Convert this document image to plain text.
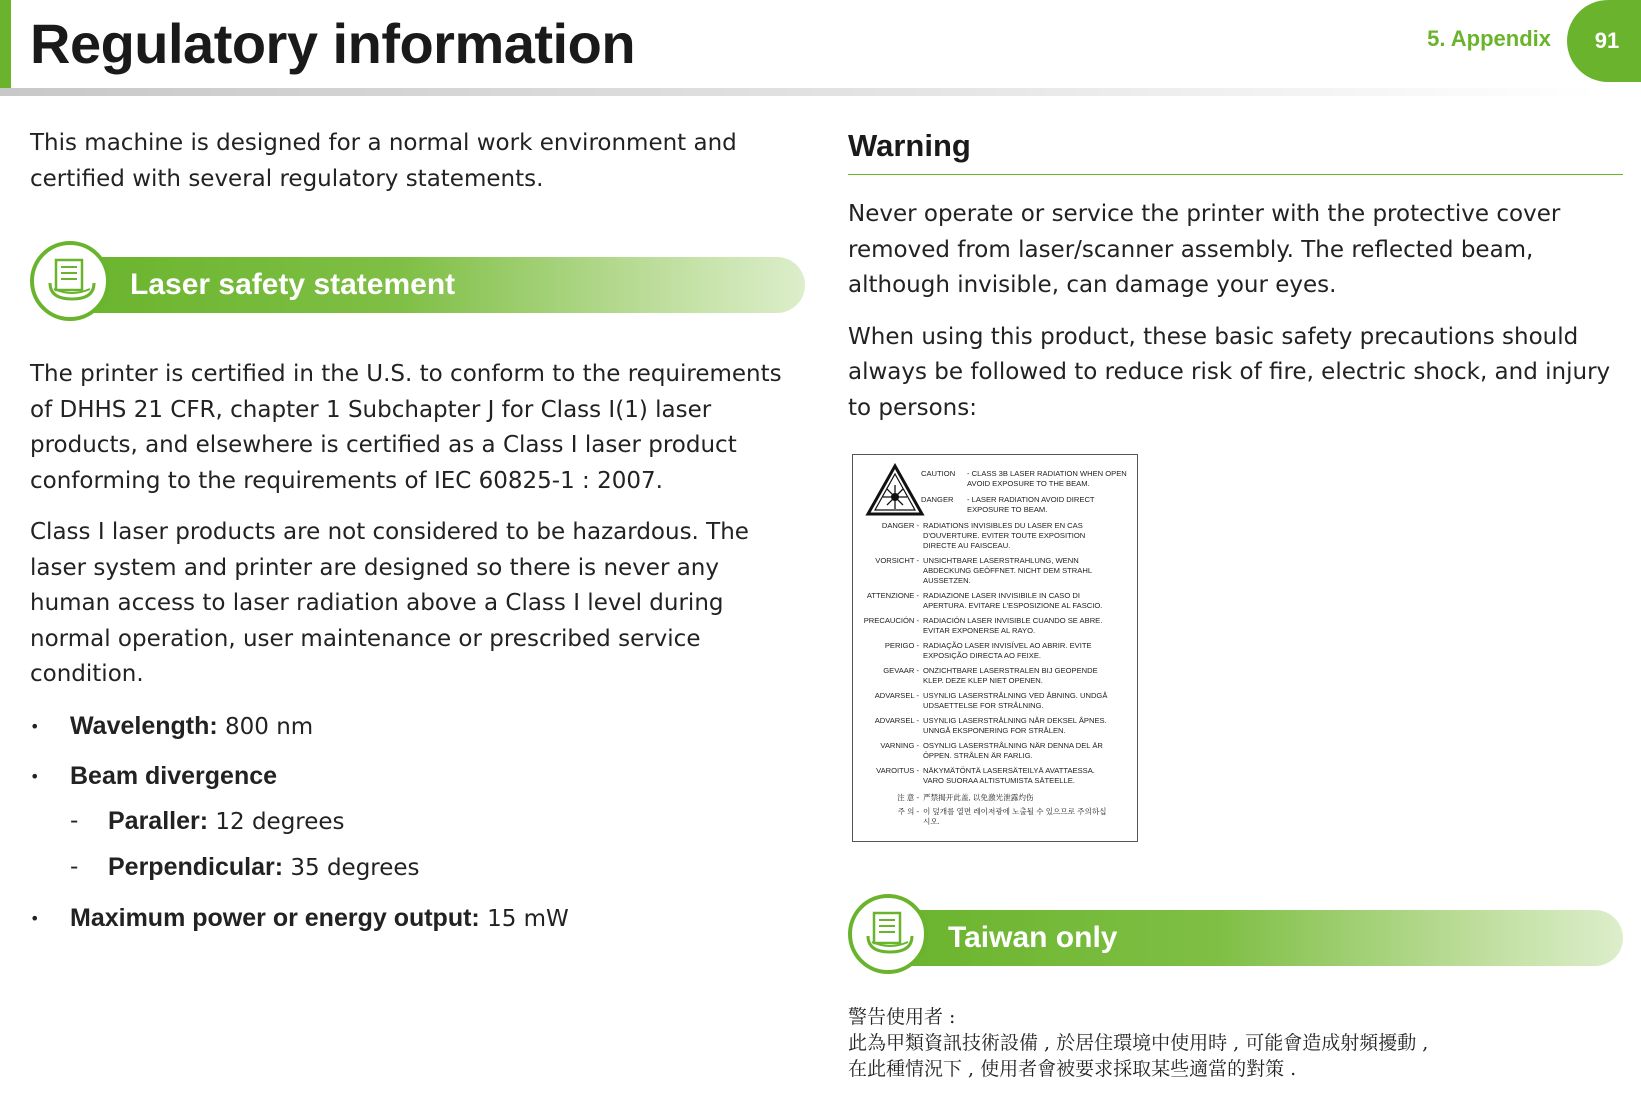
Regulatory information	5. Appendix	91

This machine is designed for a normal work environment and certified with several regulatory statements.

Laser safety statement

The printer is certified in the U.S. to conform to the requirements of DHHS 21 CFR, chapter 1 Subchapter J for Class I(1) laser products, and elsewhere is certified as a Class I laser product conforming to the requirements of IEC 60825-1 : 2007.

Class I laser products are not considered to be hazardous. The laser system and printer are designed so there is never any human access to laser radiation above a Class I level during normal operation, user maintenance or prescribed service condition.

• Wavelength: 800 nm
• Beam divergence
- Paraller: 12 degrees
- Perpendicular: 35 degrees
• Maximum power or energy output: 15 mW
Warning

Never operate or service the printer with the protective cover removed from laser/scanner assembly. The reflected beam, although invisible, can damage your eyes.

When using this product, these basic safety precautions should always be followed to reduce risk of fire, electric shock, and injury to persons:

CAUTION	- CLASS 3B LASER RADIATION WHEN OPEN AVOID EXPOSURE TO THE BEAM.
DANGER	- LASER RADIATION AVOID DIRECT EXPOSURE TO BEAM.
DANGER - RADIATIONS INVISIBLES DU LASER EN CAS D'OUVERTURE. EVITER TOUTE EXPOSITION DIRECTE AU FAISCEAU.
VORSICHT - UNSICHTBARE LASERSTRAHLUNG, WENN ABDECKUNG GEÖFFNET. NICHT DEM STRAHL AUSSETZEN.
ATTENZIONE - RADIAZIONE LASER INVISIBILE IN CASO DI APERTURA. EVITARE L'ESPOSIZIONE AL FASCIO.
PRECAUCIÓN - RADIACIÓN LASER INVISIBLE CUANDO SE ABRE. EVITAR EXPONERSE AL RAYO.
PERIGO - RADIAÇÃO LASER INVISÍVEL AO ABRIR. EVITE EXPOSIÇÃO DIRECTA AO FEIXE.
GEVAAR - ONZICHTBARE LASERSTRALEN BIJ GEOPENDE KLEP. DEZE KLEP NIET OPENEN.
ADVARSEL - USYNLIG LASERSTRÅLNING VED ÅBNING. UNDGÅ UDSAETTELSE FOR STRÅLNING.
ADVARSEL - USYNLIG LASERSTRÅLNING NÅR DEKSEL ÅPNES. UNNGÅ EKSPONERING FOR STRÅLEN.
VARNING - OSYNLIG LASERSTRÅLNING NÄR DENNA DEL ÄR ÖPPEN. STRÅLEN ÄR FARLIG.
VAROITUS - NÄKYMÄTÖNTÄ LASERSÄTEILYÄ AVATTAESSA. VARO SUORAA ALTISTUMISTA SÄTEELLE.
注 意 - 严禁揭开此盖, 以免激光泄露灼伤
주 의 - 이 덮개를 열면 레이저광에 노출될 수 있으므로 주의하십시오.
Taiwan only
警告使用者 :
此為甲類資訊技術設備 , 於居住環境中使用時 , 可能會造成射頻擾動 ,
在此種情況下 , 使用者會被要求採取某些適當的對策 .
